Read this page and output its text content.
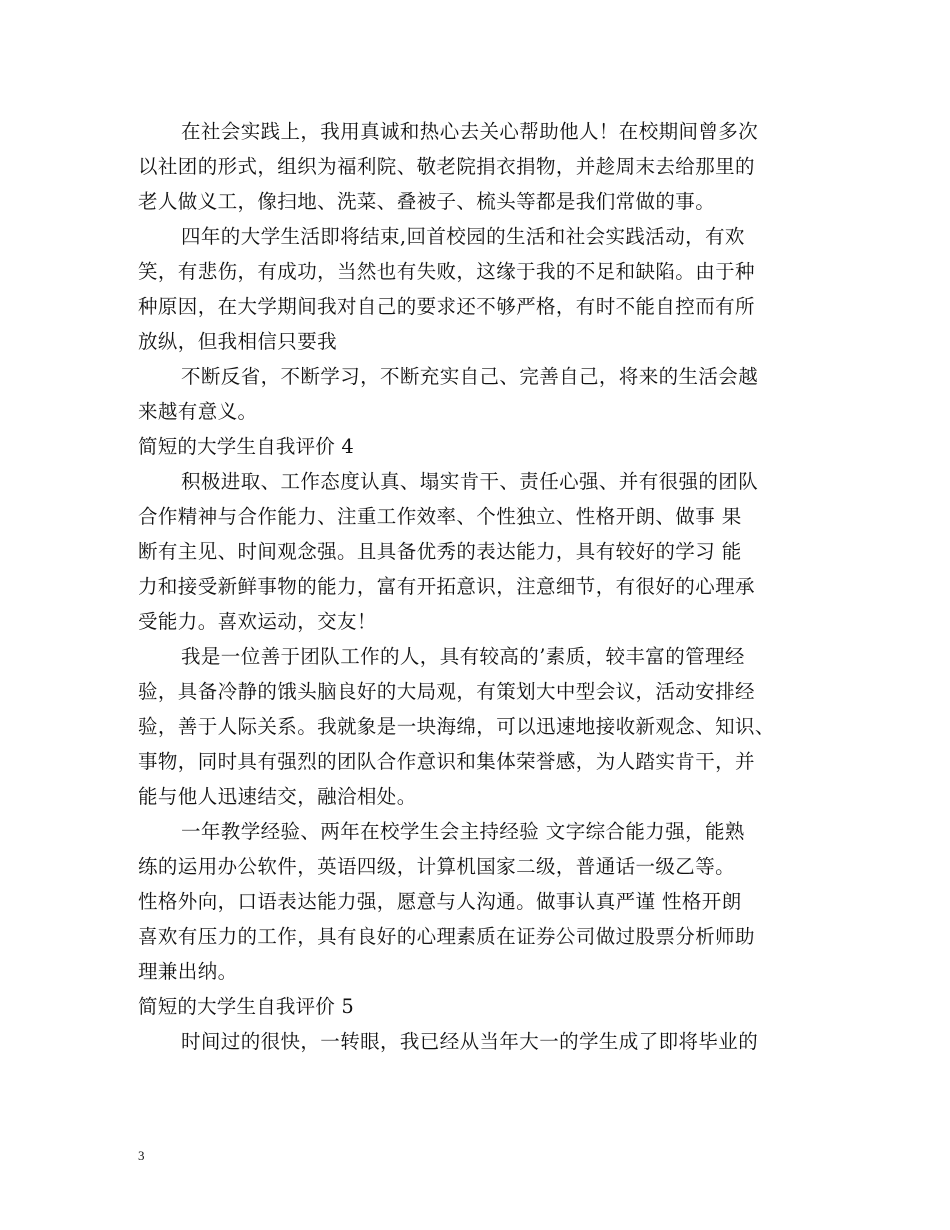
在社会实践上，我用真诚和热心去关心帮助他人！在校期间曾多次
以社团的形式，组织为福利院、敬老院捐衣捐物，并趁周末去给那里的
老人做义工，像扫地、洗菜、叠被子、梳头等都是我们常做的事。
四年的大学生活即将结束,回首校园的生活和社会实践活动，有欢
笑，有悲伤，有成功，当然也有失败，这缘于我的不足和缺陷。由于种
种原因，在大学期间我对自己的要求还不够严格，有时不能自控而有所
放纵，但我相信只要我
不断反省，不断学习，不断充实自己、完善自己，将来的生活会越
来越有意义。
简短的大学生自我评价 4
积极进取、工作态度认真、塌实肯干、责任心强、并有很强的团队
合作精神与合作能力、注重工作效率、个性独立、性格开朗、做事 果
断有主见、时间观念强。且具备优秀的表达能力，具有较好的学习 能
力和接受新鲜事物的能力，富有开拓意识，注意细节，有很好的心理承
受能力。喜欢运动，交友！
我是一位善于团队工作的人，具有较高的’素质，较丰富的管理经
验，具备冷静的饿头脑良好的大局观，有策划大中型会议，活动安排经
验，善于人际关系。我就象是一块海绵，可以迅速地接收新观念、知识、
事物，同时具有强烈的团队合作意识和集体荣誉感，为人踏实肯干，并
能与他人迅速结交，融洽相处。
一年教学经验、两年在校学生会主持经验 文字综合能力强，能熟
练的运用办公软件，英语四级，计算机国家二级，普通话一级乙等。
性格外向，口语表达能力强，愿意与人沟通。做事认真严谨 性格开朗
喜欢有压力的工作，具有良好的心理素质在证券公司做过股票分析师助
理兼出纳。
简短的大学生自我评价 5
时间过的很快，一转眼，我已经从当年大一的学生成了即将毕业的
3
